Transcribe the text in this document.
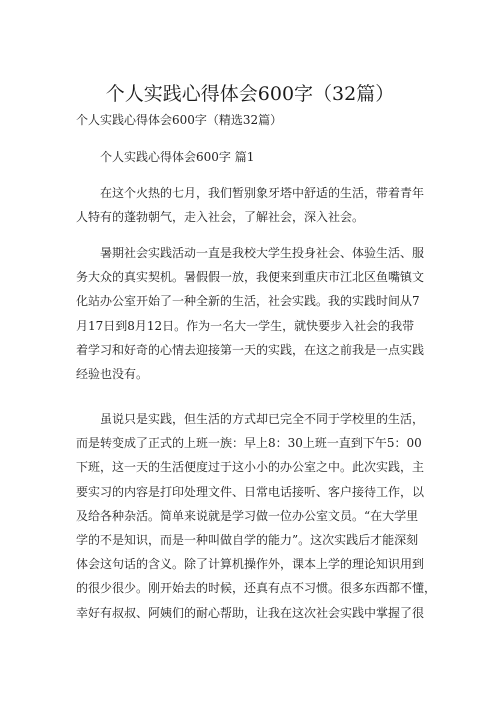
个人实践心得体会600字（32篇）
个人实践心得体会600字（精选32篇）
个人实践心得体会600字 篇1
在这个火热的七月，我们暂别象牙塔中舒适的生活，带着青年
人特有的蓬勃朝气，走入社会，了解社会，深入社会。
暑期社会实践活动一直是我校大学生投身社会、体验生活、服
务大众的真实契机。暑假假一放，我便来到重庆市江北区鱼嘴镇文
化站办公室开始了一种全新的生活，社会实践。我的实践时间从7
月17日到8月12日。作为一名大一学生，就快要步入社会的我带
着学习和好奇的心情去迎接第一天的实践，在这之前我是一点实践
经验也没有。
虽说只是实践，但生活的方式却已完全不同于学校里的生活，
而是转变成了正式的上班一族：早上8：30上班一直到下午5：00
下班，这一天的生活便度过于这小小的办公室之中。此次实践，主
要实习的内容是打印处理文件、日常电话接听、客户接待工作，以
及给各种杂活。简单来说就是学习做一位办公室文员。“在大学里
学的不是知识，而是一种叫做自学的能力”。这次实践后才能深刻
体会这句话的含义。除了计算机操作外，课本上学的理论知识用到
的很少很少。刚开始去的时候，还真有点不习惯。很多东西都不懂，
幸好有叔叔、阿姨们的耐心帮助，让我在这次社会实践中掌握了很
